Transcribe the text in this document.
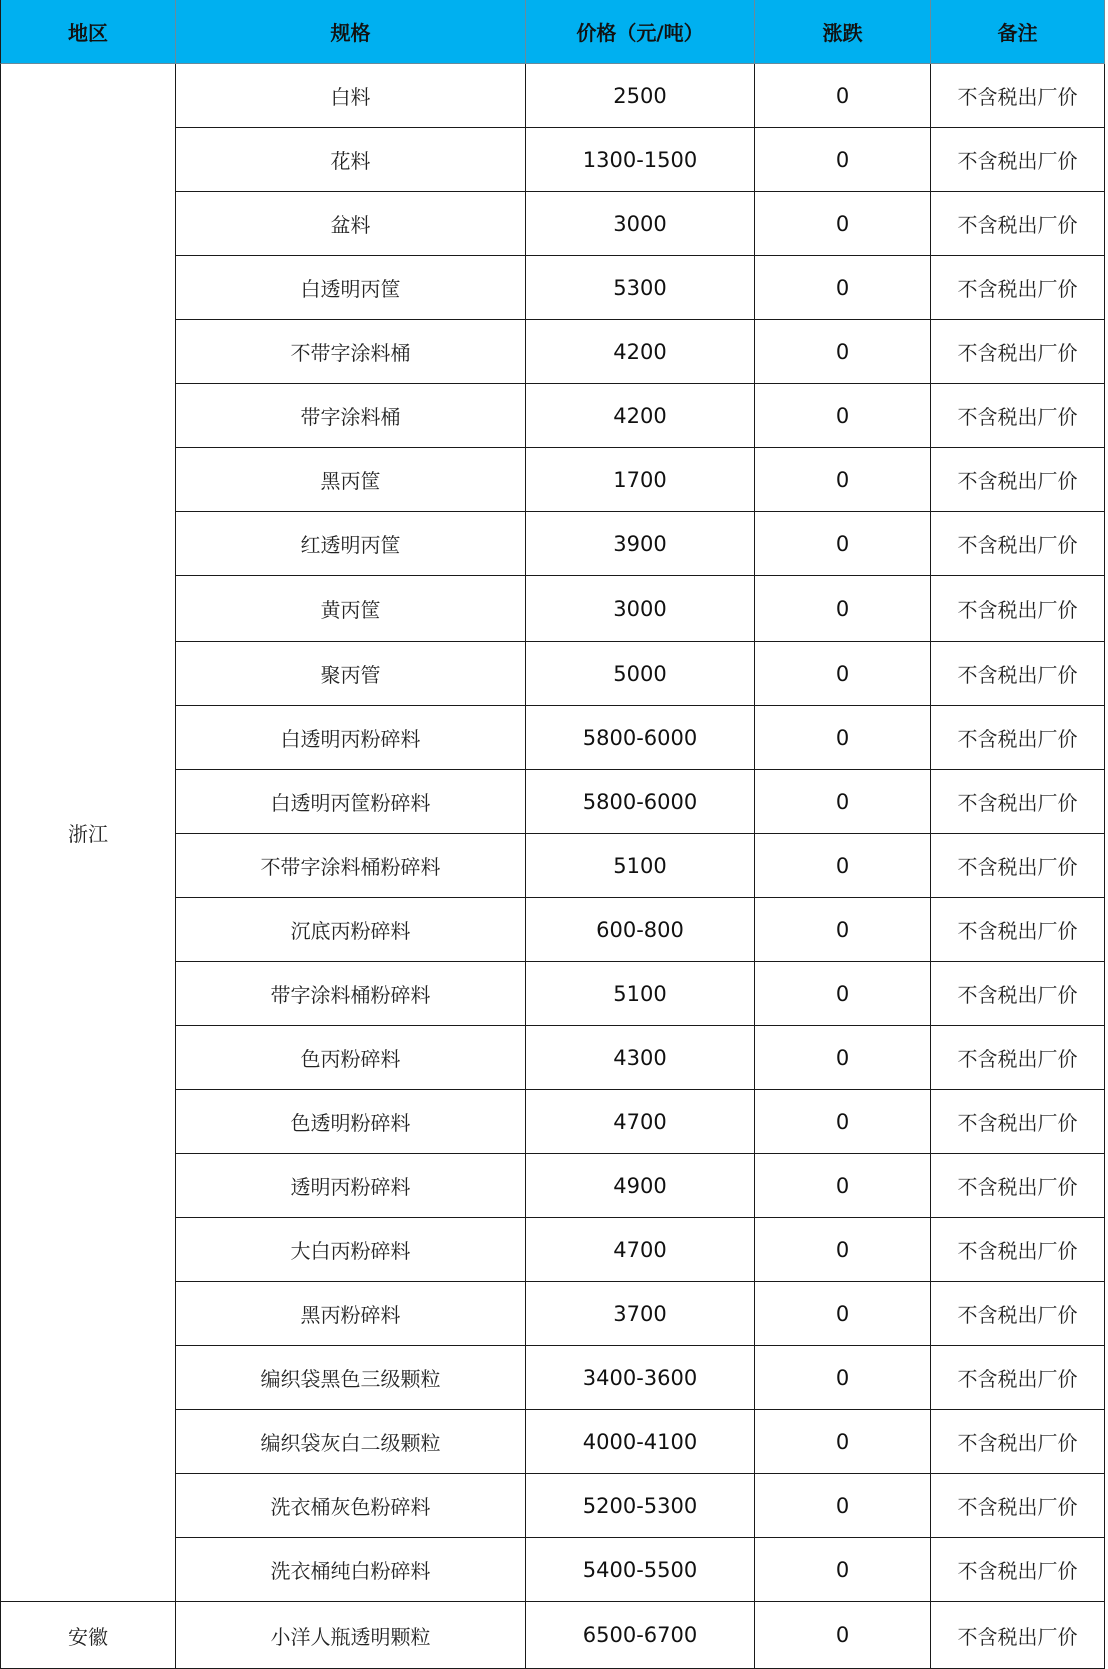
地区	规格	价格（元/吨）	涨跌	备注
浙江
白料	2500	0	不含税出厂价
花料	1300-1500	0	不含税出厂价
盆料	3000	0	不含税出厂价
白透明丙筐	5300	0	不含税出厂价
不带字涂料桶	4200	0	不含税出厂价
带字涂料桶	4200	0	不含税出厂价
黑丙筐	1700	0	不含税出厂价
红透明丙筐	3900	0	不含税出厂价
黄丙筐	3000	0	不含税出厂价
聚丙管	5000	0	不含税出厂价
白透明丙粉碎料	5800-6000	0	不含税出厂价
白透明丙筐粉碎料	5800-6000	0	不含税出厂价
不带字涂料桶粉碎料	5100	0	不含税出厂价
沉底丙粉碎料	600-800	0	不含税出厂价
带字涂料桶粉碎料	5100	0	不含税出厂价
色丙粉碎料	4300	0	不含税出厂价
色透明粉碎料	4700	0	不含税出厂价
透明丙粉碎料	4900	0	不含税出厂价
大白丙粉碎料	4700	0	不含税出厂价
黑丙粉碎料	3700	0	不含税出厂价
编织袋黑色三级颗粒	3400-3600	0	不含税出厂价
编织袋灰白二级颗粒	4000-4100	0	不含税出厂价
洗衣桶灰色粉碎料	5200-5300	0	不含税出厂价
洗衣桶纯白粉碎料	5400-5500	0	不含税出厂价
安徽	小洋人瓶透明颗粒	6500-6700	0	不含税出厂价
